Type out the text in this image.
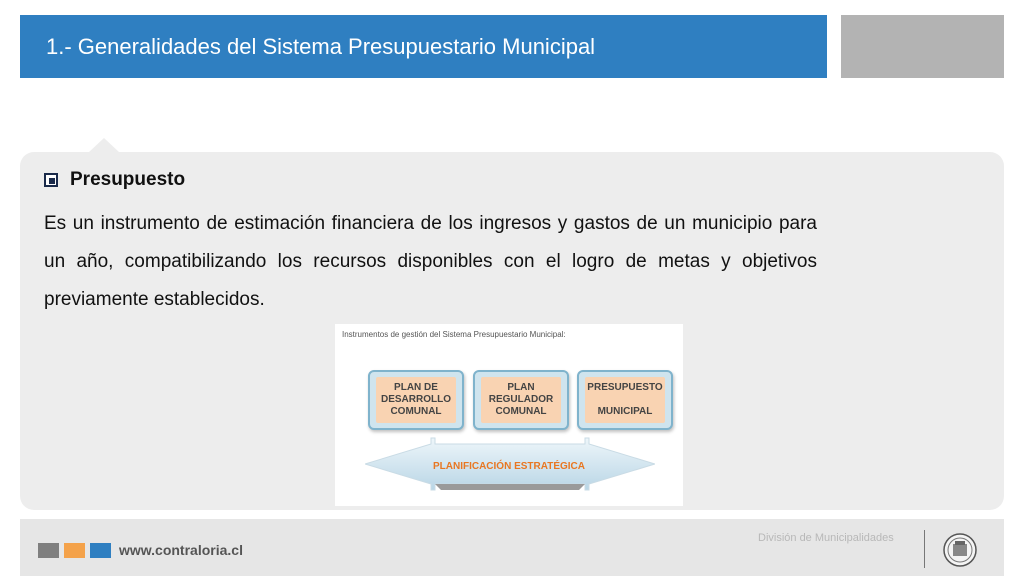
1.- Generalidades del Sistema Presupuestario Municipal
Presupuesto
Es un instrumento de estimación financiera de los ingresos y gastos de un municipio para un año, compatibilizando los recursos disponibles con el logro de metas y objetivos previamente establecidos.
Instrumentos de gestión del Sistema Presupuestario Municipal:
PLAN DE
DESARROLLO
COMUNAL
PLAN
REGULADOR
COMUNAL
PRESUPUESTO

MUNICIPAL
PLANIFICACIÓN ESTRATÉGICA
www.contraloria.cl
División de Municipalidades
